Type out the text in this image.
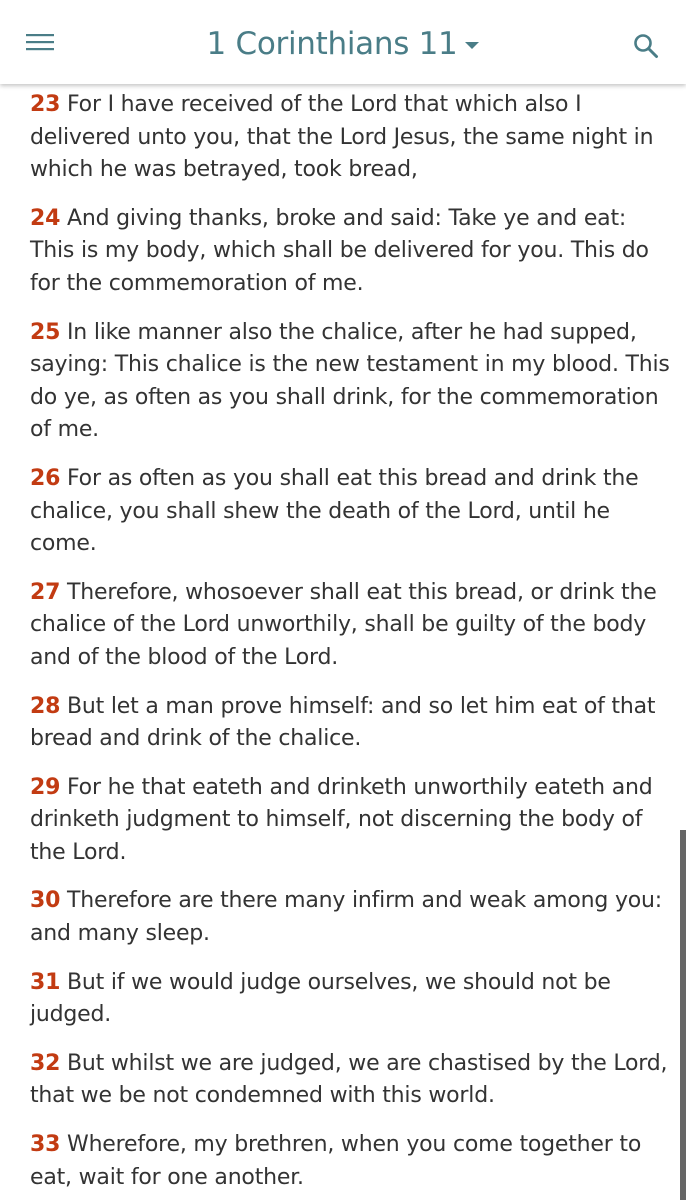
1 Corinthians 11

23 For I have received of the Lord that which also I delivered unto you, that the Lord Jesus, the same night in which he was betrayed, took bread,

24 And giving thanks, broke and said: Take ye and eat: This is my body, which shall be delivered for you. This do for the commemoration of me.

25 In like manner also the chalice, after he had supped, saying: This chalice is the new testament in my blood. This do ye, as often as you shall drink, for the commemoration of me.

26 For as often as you shall eat this bread and drink the chalice, you shall shew the death of the Lord, until he come.

27 Therefore, whosoever shall eat this bread, or drink the chalice of the Lord unworthily, shall be guilty of the body and of the blood of the Lord.

28 But let a man prove himself: and so let him eat of that bread and drink of the chalice.

29 For he that eateth and drinketh unworthily eateth and drinketh judgment to himself, not discerning the body of the Lord.

30 Therefore are there many infirm and weak among you: and many sleep.

31 But if we would judge ourselves, we should not be judged.

32 But whilst we are judged, we are chastised by the Lord, that we be not condemned with this world.

33 Wherefore, my brethren, when you come together to eat, wait for one another.
